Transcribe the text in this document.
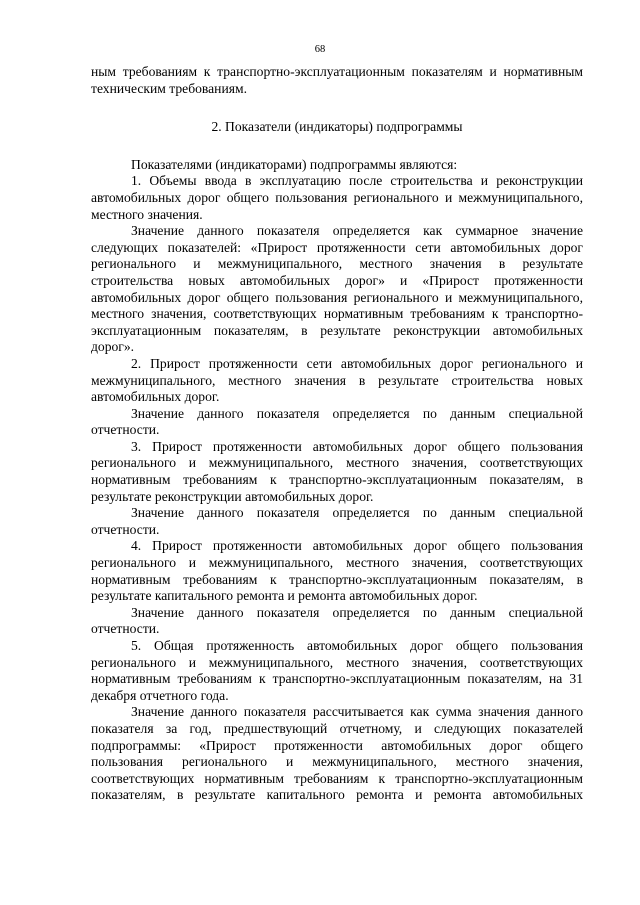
68

ным требованиям к транспортно-эксплуатационным показателям и нормативным техническим требованиям.

2. Показатели (индикаторы) подпрограммы

Показателями (индикаторами) подпрограммы являются:

1. Объемы ввода в эксплуатацию после строительства и реконструкции автомобильных дорог общего пользования регионального и межмуниципального, местного значения.

Значение данного показателя определяется как суммарное значение следующих показателей: «Прирост протяженности сети автомобильных дорог регионального и межмуниципального, местного значения в результате строительства новых автомобильных дорог» и «Прирост протяженности автомобильных дорог общего пользования регионального и межмуниципального, местного значения, соответствующих нормативным требованиям к транспортно-эксплуатационным показателям, в результате реконструкции автомобильных дорог».

2. Прирост протяженности сети автомобильных дорог регионального и межмуниципального, местного значения в результате строительства новых автомобильных дорог.

Значение данного показателя определяется по данным специальной отчетности.

3. Прирост протяженности автомобильных дорог общего пользования регионального и межмуниципального, местного значения, соответствующих нормативным требованиям к транспортно-эксплуатационным показателям, в результате реконструкции автомобильных дорог.

Значение данного показателя определяется по данным специальной отчетности.

4. Прирост протяженности автомобильных дорог общего пользования регионального и межмуниципального, местного значения, соответствующих нормативным требованиям к транспортно-эксплуатационным показателям, в результате капитального ремонта и ремонта автомобильных дорог.

Значение данного показателя определяется по данным специальной отчетности.

5. Общая протяженность автомобильных дорог общего пользования регионального и межмуниципального, местного значения, соответствующих нормативным требованиям к транспортно-эксплуатационным показателям, на 31 декабря отчетного года.

Значение данного показателя рассчитывается как сумма значения данного показателя за год, предшествующий отчетному, и следующих показателей подпрограммы: «Прирост протяженности автомобильных дорог общего пользования регионального и межмуниципального, местного значения, соответствующих нормативным требованиям к транспортно-эксплуатационным показателям, в результате капитального ремонта и ремонта автомобильных
